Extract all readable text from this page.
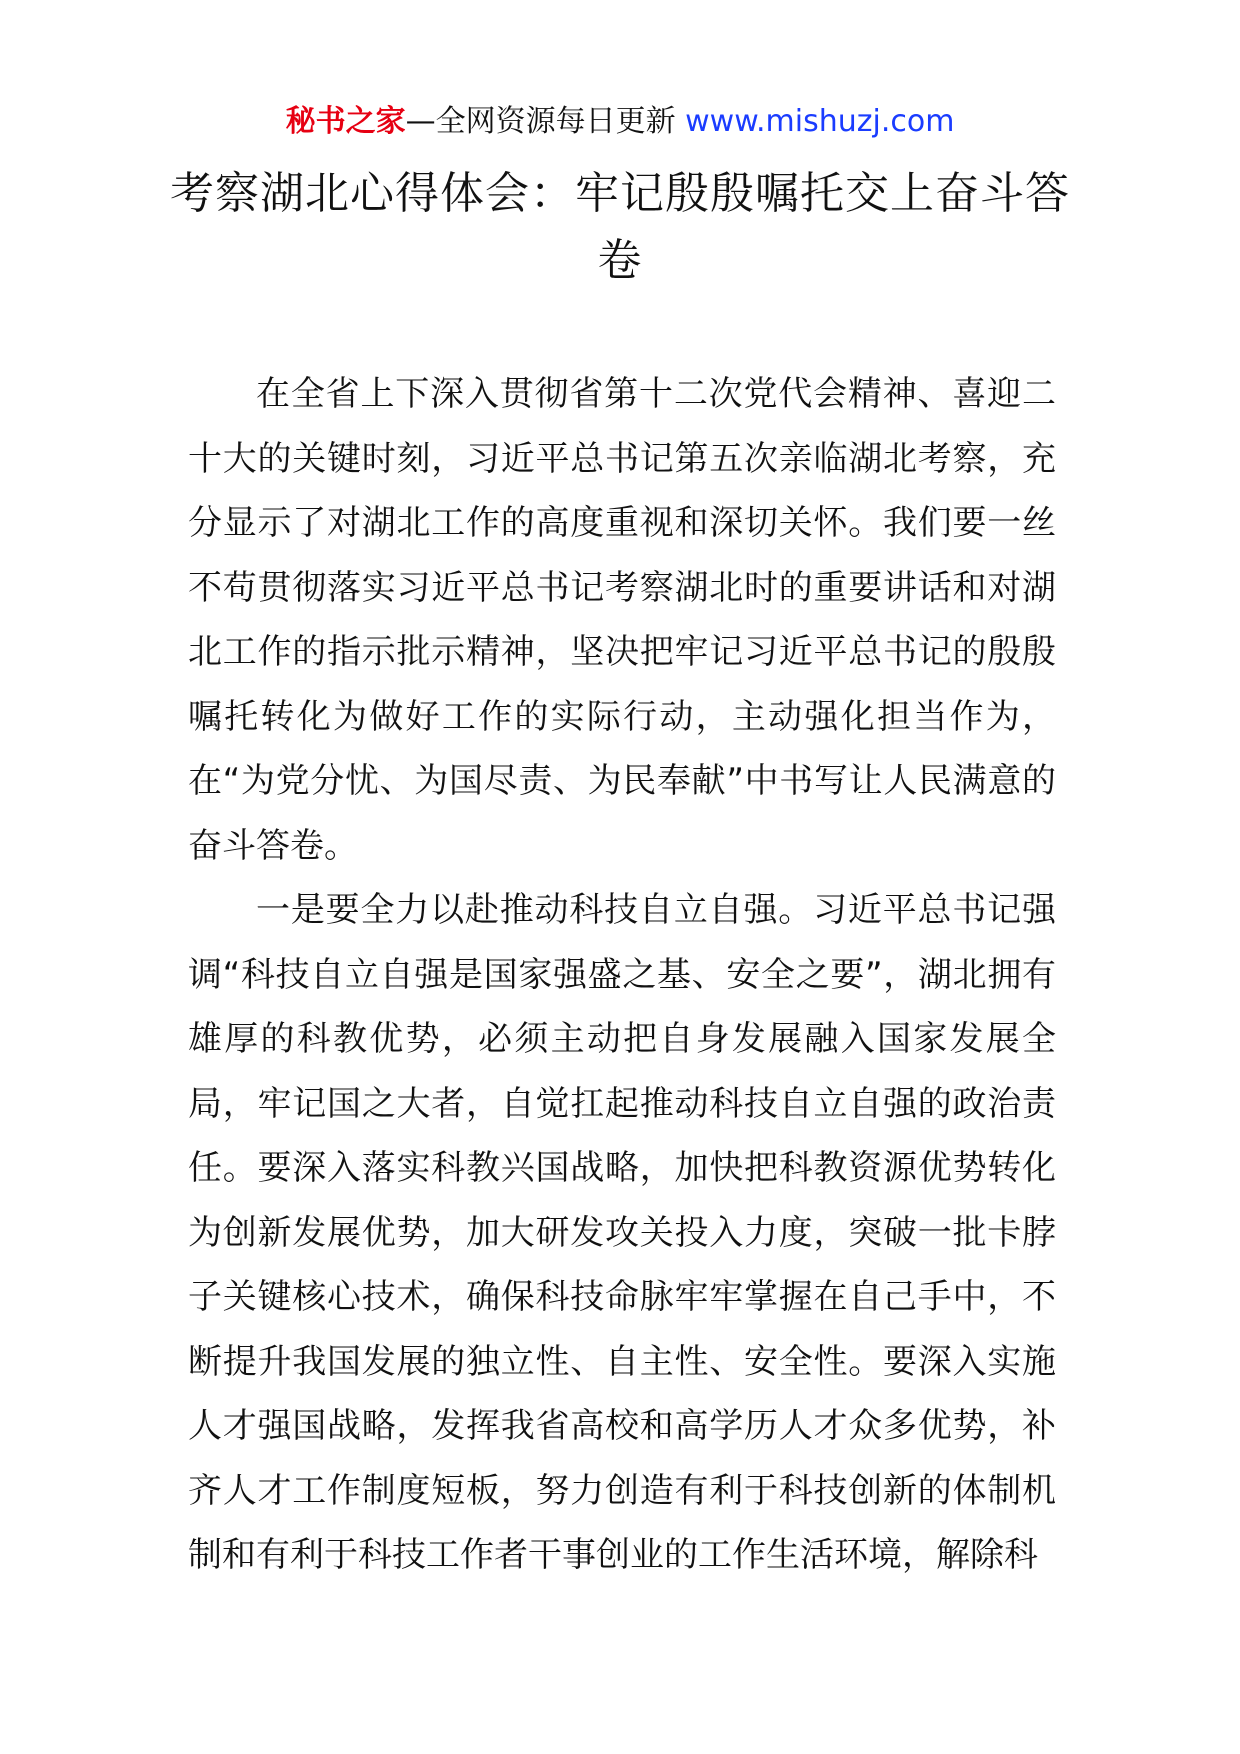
秘书之家—全网资源每日更新 www.mishuzj.com
考察湖北心得体会：牢记殷殷嘱托交上奋斗答卷

在全省上下深入贯彻省第十二次党代会精神、喜迎二十大的关键时刻，习近平总书记第五次亲临湖北考察，充分显示了对湖北工作的高度重视和深切关怀。我们要一丝不苟贯彻落实习近平总书记考察湖北时的重要讲话和对湖北工作的指示批示精神，坚决把牢记习近平总书记的殷殷嘱托转化为做好工作的实际行动，主动强化担当作为，在“为党分忧、为国尽责、为民奉献”中书写让人民满意的奋斗答卷。

一是要全力以赴推动科技自立自强。习近平总书记强调“科技自立自强是国家强盛之基、安全之要”，湖北拥有雄厚的科教优势，必须主动把自身发展融入国家发展全局，牢记国之大者，自觉扛起推动科技自立自强的政治责任。要深入落实科教兴国战略，加快把科教资源优势转化为创新发展优势，加大研发攻关投入力度，突破一批卡脖子关键核心技术，确保科技命脉牢牢掌握在自己手中，不断提升我国发展的独立性、自主性、安全性。要深入实施人才强国战略，发挥我省高校和高学历人才众多优势，补齐人才工作制度短板，努力创造有利于科技创新的体制机制和有利于科技工作者干事创业的工作生活环境，解除科
